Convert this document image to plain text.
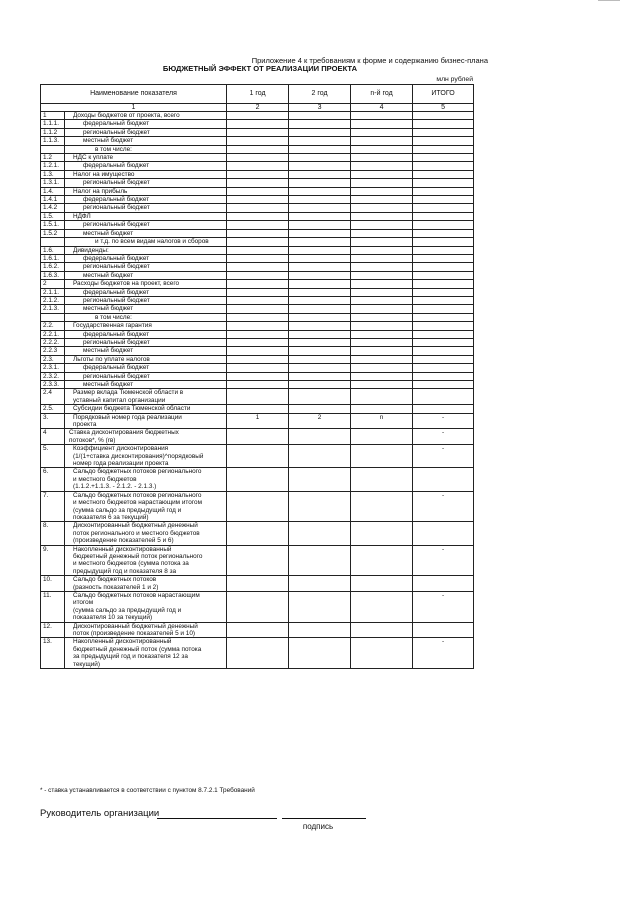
Приложение 4 к требованиям к форме и содержанию бизнес-плана
БЮДЖЕТНЫЙ ЭФФЕКТ ОТ РЕАЛИЗАЦИИ ПРОЕКТА
млн рублей
Наименование показателя		1 год	2 год	n-й год	ИТОГО
1		2	3	4	5
1	Доходы бюджетов от проекта, всего				
1.1.1.	федеральный бюджет				
1.1.2	региональный бюджет				
1.1.3.	местный бюджет				
	в том числе:				
1.2	НДС к уплате				
1.2.1.	федеральный бюджет				
1.3.	Налог на имущество				
1.3.1.	региональный бюджет				
1.4.	Налог на прибыль				
1.4.1	федеральный бюджет				
1.4.2	региональный бюджет				
1.5.	НДФЛ				
1.5.1.	региональный бюджет				
1.5.2	местный бюджет				
	и т.д. по всем видам налогов и сборов				
1.6.	Дивиденды:				
1.6.1.	федеральный бюджет				
1.6.2.	региональный бюджет				
1.6.3.	местный бюджет				
2	Расходы бюджетов на проект, всего				
2.1.1.	федеральный бюджет				
2.1.2.	региональный бюджет				
2.1.3.	местный бюджет				
	в том числе:				
2.2.	Государственная гарантия				
2.2.1.	федеральный бюджет				
2.2.2.	региональный бюджет				
2.2.3	местный бюджет				
2.3.	Льготы по уплате налогов				
2.3.1.	федеральный бюджет				
2.3.2.	региональный бюджет				
2.3.3.	местный бюджет				
2.4	Размер вклада Тюменской области в
уставный капитал организации				
2.5.	Субсидии бюджета Тюменской области				
3.	Порядковый номер года реализации
проекта	1	2	n	-
4	Ставка дисконтирования бюджетных
потоков*, % (rʙ)				-
5.	Коэффициент дисконтирования
(1/(1+ставка дисконтирования)^порядковый
номер года реализации проекта				-
6.	Сальдо бюджетных потоков регионального
и местного бюджетов
(1.1.2.+1.1.3. - 2.1.2. - 2.1.3.)				
7.	Сальдо бюджетных потоков регионального
и местного бюджетов нарастающим итогом
(сумма сальдо за предыдущий год и
показателя 6 за текущий)				-
8.	Дисконтированный бюджетный денежный
поток регионального и местного бюджетов
(произведение показателей 5 и 6)				
9.	Накопленный дисконтированный
бюджетный денежный поток регионального
и местного бюджетов (сумма потока за
предыдущий год и показателя 8 за				-
10.	Сальдо бюджетных потоков
(разность показателей 1 и 2)				
11.	Сальдо бюджетных потоков нарастающим
итогом
(сумма сальдо за предыдущий год и
показателя 10 за текущий)				-
12.	Дисконтированный бюджетный денежный
поток (произведение показателей 5 и 10)				
13.	Накопленный дисконтированный
бюджетный денежный поток (сумма потока
за предыдущий год и показателя 12 за
текущий)				-
* - ставка устанавливается в соответствии с пунктом 8.7.2.1 Требований
Руководитель организации
подпись
